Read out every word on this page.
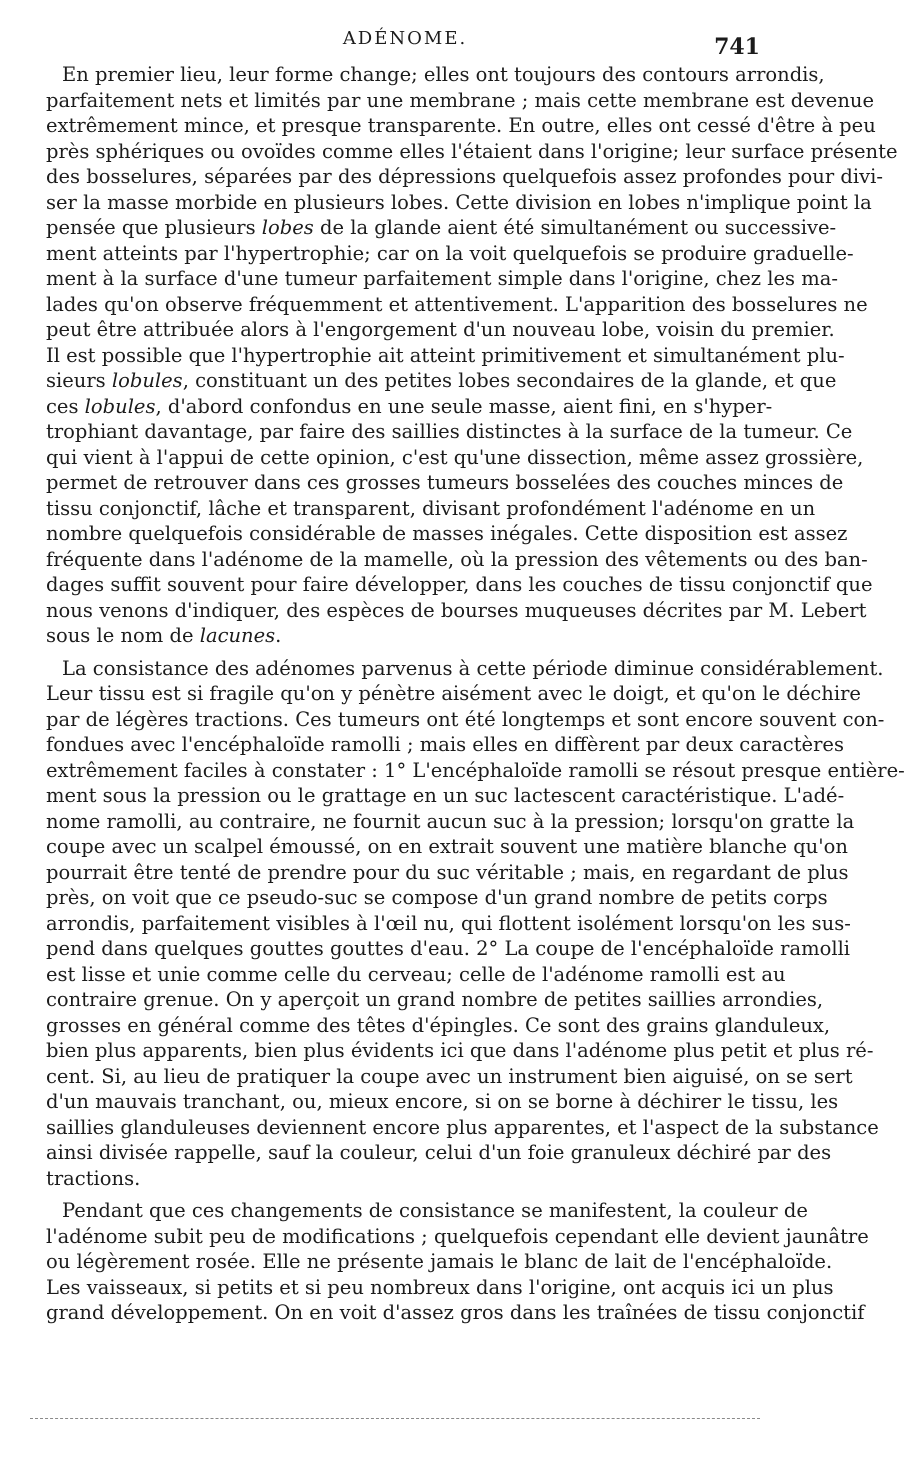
ADÉNOME.	741

En premier lieu, leur forme change; elles ont toujours des contours arrondis,
parfaitement nets et limités par une membrane ; mais cette membrane est devenue
extrêmement mince, et presque transparente. En outre, elles ont cessé d'être à peu
près sphériques ou ovoïdes comme elles l'étaient dans l'origine; leur surface présente
des bosselures, séparées par des dépressions quelquefois assez profondes pour divi-
ser la masse morbide en plusieurs lobes. Cette division en lobes n'implique point la
pensée que plusieurs lobes de la glande aient été simultanément ou successive-
ment atteints par l'hypertrophie; car on la voit quelquefois se produire graduelle-
ment à la surface d'une tumeur parfaitement simple dans l'origine, chez les ma-
lades qu'on observe fréquemment et attentivement. L'apparition des bosselures ne
peut être attribuée alors à l'engorgement d'un nouveau lobe, voisin du premier.
Il est possible que l'hypertrophie ait atteint primitivement et simultanément plu-
sieurs lobules, constituant un des petites lobes secondaires de la glande, et que
ces lobules, d'abord confondus en une seule masse, aient fini, en s'hyper-
trophiant davantage, par faire des saillies distinctes à la surface de la tumeur. Ce
qui vient à l'appui de cette opinion, c'est qu'une dissection, même assez grossière,
permet de retrouver dans ces grosses tumeurs bosselées des couches minces de
tissu conjonctif, lâche et transparent, divisant profondément l'adénome en un
nombre quelquefois considérable de masses inégales. Cette disposition est assez
fréquente dans l'adénome de la mamelle, où la pression des vêtements ou des ban-
dages suffit souvent pour faire développer, dans les couches de tissu conjonctif que
nous venons d'indiquer, des espèces de bourses muqueuses décrites par M. Lebert
sous le nom de lacunes.

La consistance des adénomes parvenus à cette période diminue considérablement.
Leur tissu est si fragile qu'on y pénètre aisément avec le doigt, et qu'on le déchire
par de légères tractions. Ces tumeurs ont été longtemps et sont encore souvent con-
fondues avec l'encéphaloïde ramolli ; mais elles en diffèrent par deux caractères
extrêmement faciles à constater : 1° L'encéphaloïde ramolli se résout presque entière-
ment sous la pression ou le grattage en un suc lactescent caractéristique. L'adé-
nome ramolli, au contraire, ne fournit aucun suc à la pression; lorsqu'on gratte la
coupe avec un scalpel émoussé, on en extrait souvent une matière blanche qu'on
pourrait être tenté de prendre pour du suc véritable ; mais, en regardant de plus
près, on voit que ce pseudo-suc se compose d'un grand nombre de petits corps
arrondis, parfaitement visibles à l'œil nu, qui flottent isolément lorsqu'on les sus-
pend dans quelques gouttes gouttes d'eau. 2° La coupe de l'encéphaloïde ramolli
est lisse et unie comme celle du cerveau; celle de l'adénome ramolli est au
contraire grenue. On y aperçoit un grand nombre de petites saillies arrondies,
grosses en général comme des têtes d'épingles. Ce sont des grains glanduleux,
bien plus apparents, bien plus évidents ici que dans l'adénome plus petit et plus ré-
cent. Si, au lieu de pratiquer la coupe avec un instrument bien aiguisé, on se sert
d'un mauvais tranchant, ou, mieux encore, si on se borne à déchirer le tissu, les
saillies glanduleuses deviennent encore plus apparentes, et l'aspect de la substance
ainsi divisée rappelle, sauf la couleur, celui d'un foie granuleux déchiré par des
tractions.

Pendant que ces changements de consistance se manifestent, la couleur de
l'adénome subit peu de modifications ; quelquefois cependant elle devient jaunâtre
ou légèrement rosée. Elle ne présente jamais le blanc de lait de l'encéphaloïde.
Les vaisseaux, si petits et si peu nombreux dans l'origine, ont acquis ici un plus
grand développement. On en voit d'assez gros dans les traînées de tissu conjonctif
